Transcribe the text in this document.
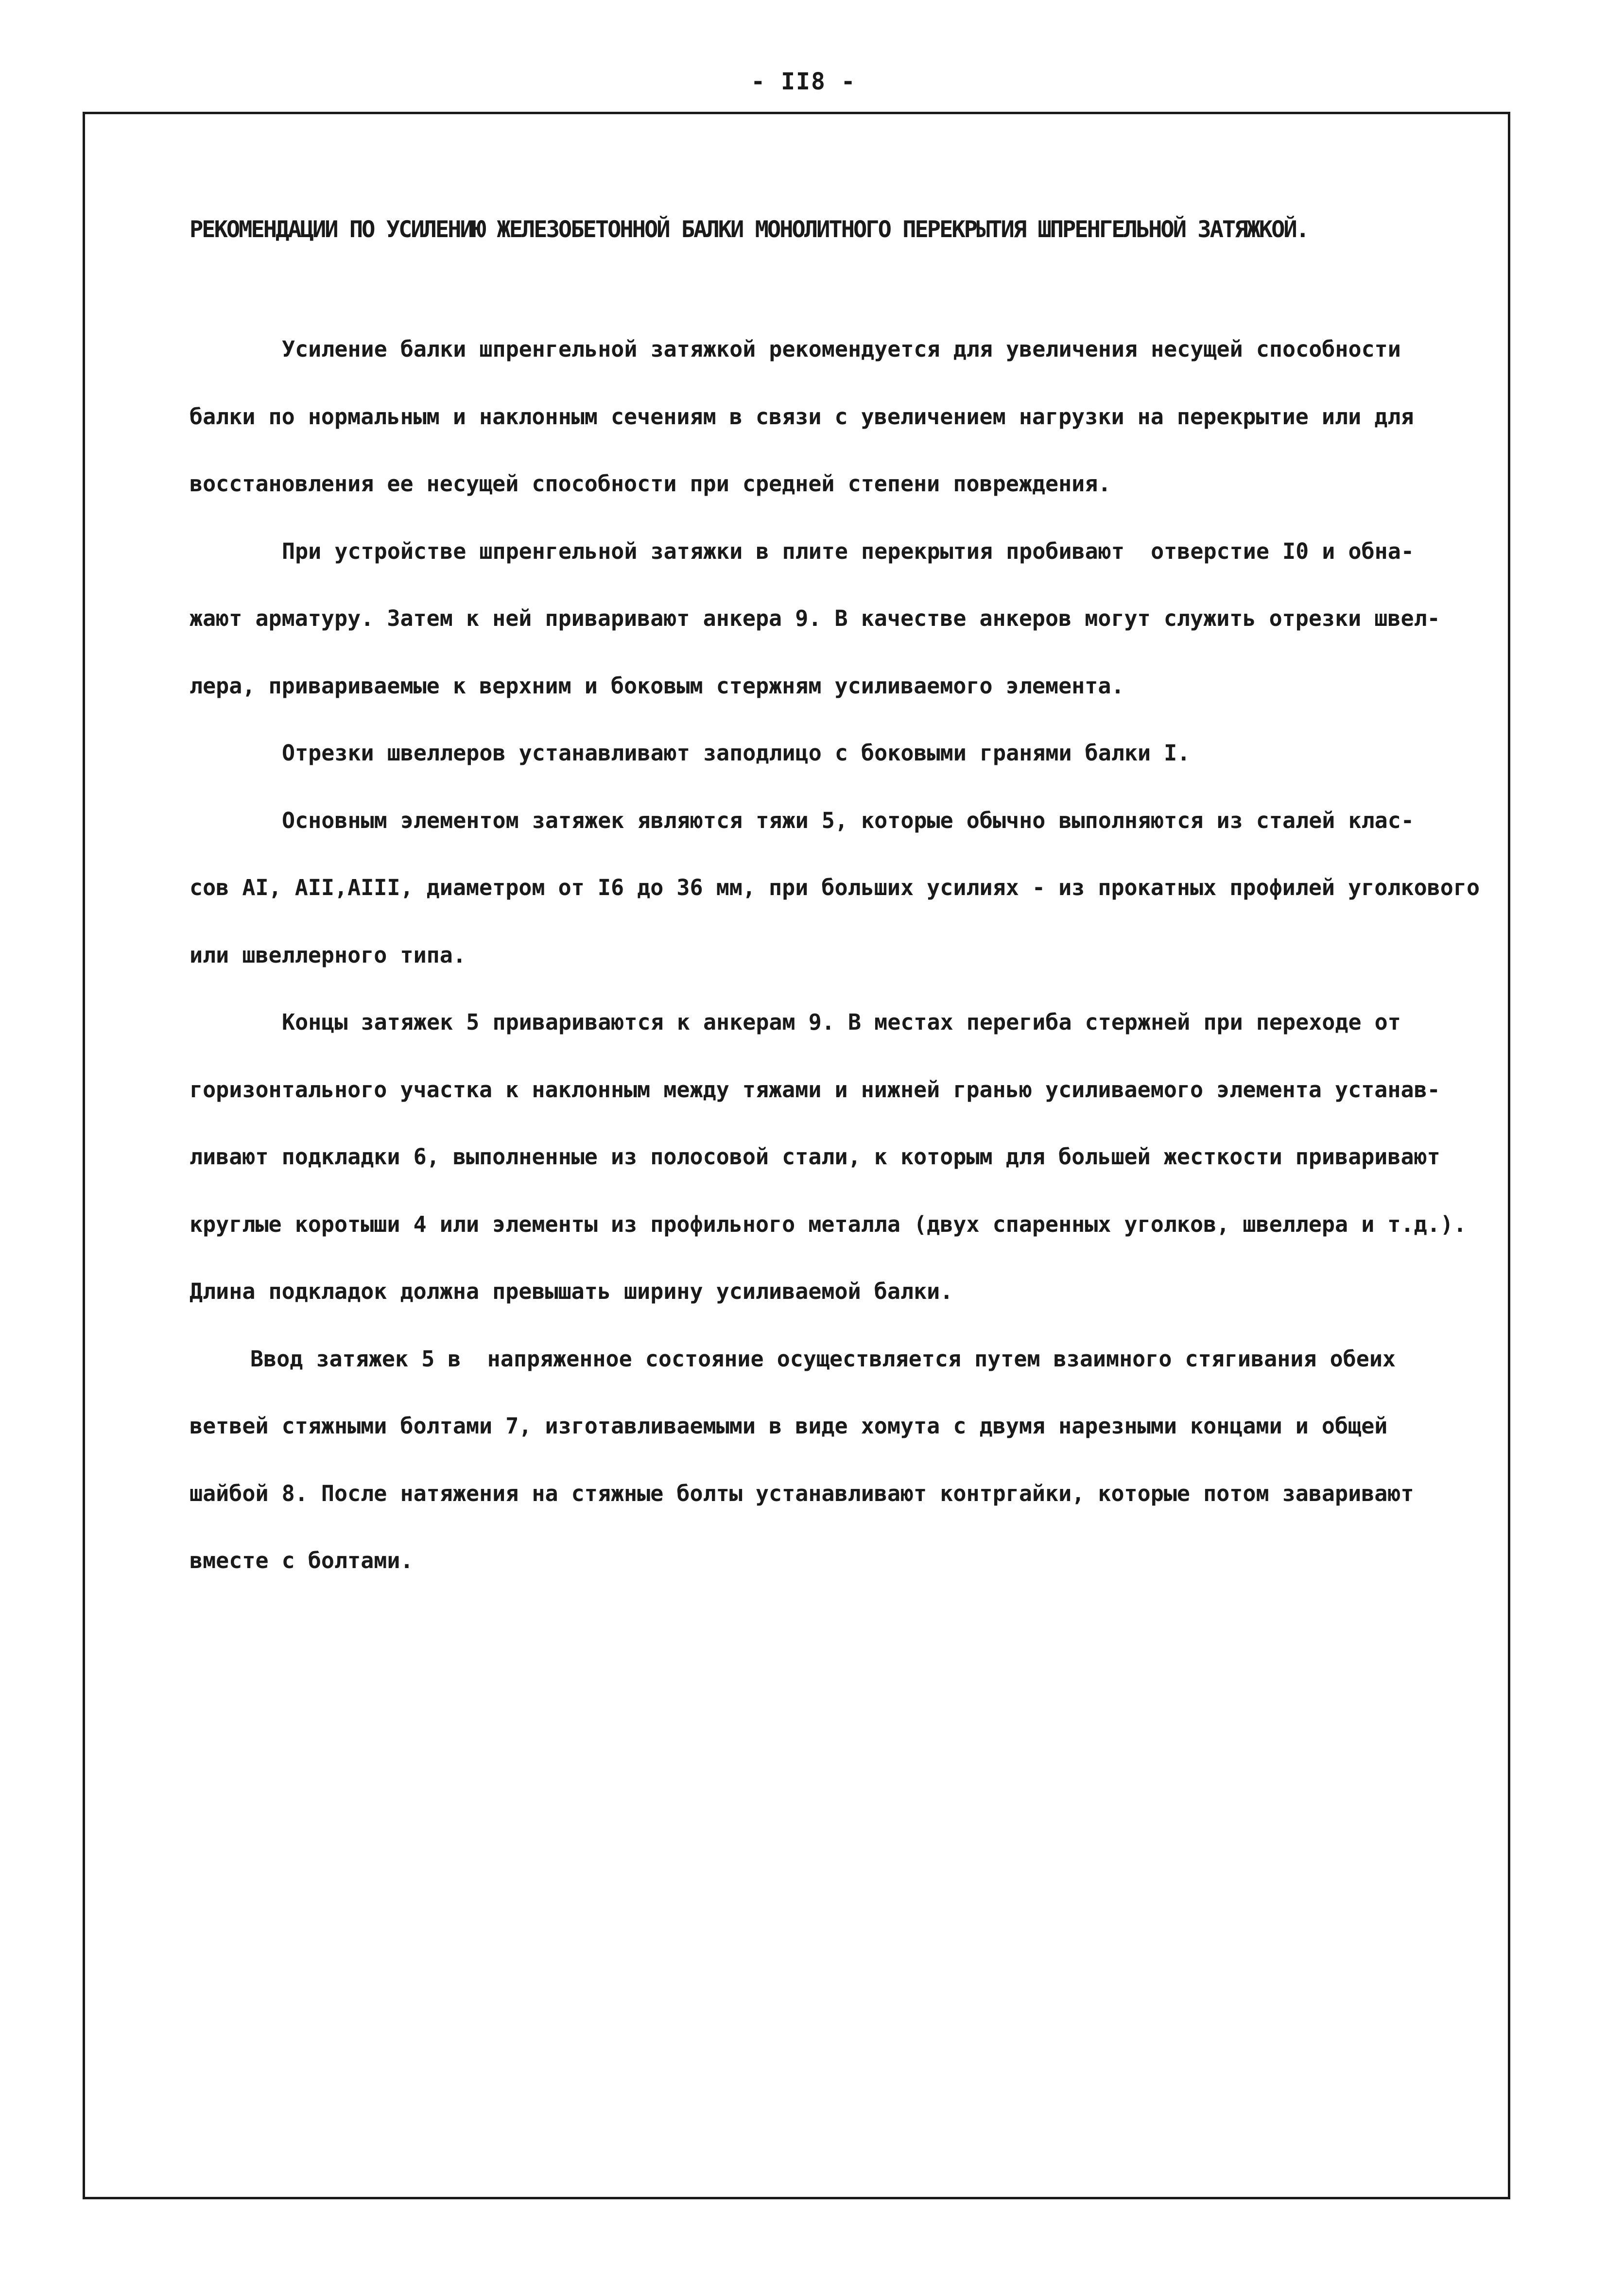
- II8 -
РЕКОМЕНДАЦИИ ПО УСИЛЕНИЮ ЖЕЛЕЗОБЕТОННОЙ БАЛКИ МОНОЛИТНОГО ПЕРЕКРЫТИЯ ШПРЕНГЕЛЬНОЙ ЗАТЯЖКОЙ.
Усиление балки шпренгельной затяжкой рекомендуется для увеличения несущей способности
балки по нормальным и наклонным сечениям в связи с увеличением нагрузки на перекрытие или для
восстановления ее несущей способности при средней степени повреждения.
При устройстве шпренгельной затяжки в плите перекрытия пробивают  отверстие I0 и обна-
жают арматуру. Затем к ней приваривают анкера 9. В качестве анкеров могут служить отрезки швел-
лера, привариваемые к верхним и боковым стержням усиливаемого элемента.
Отрезки швеллеров устанавливают заподлицо с боковыми гранями балки I.
Основным элементом затяжек являются тяжи 5, которые обычно выполняются из сталей клас-
сов АI, АII,АIII, диаметром от I6 до 36 мм, при больших усилиях - из прокатных профилей уголкового
или швеллерного типа.
Концы затяжек 5 привариваются к анкерам 9. В местах перегиба стержней при переходе от
горизонтального участка к наклонным между тяжами и нижней гранью усиливаемого элемента устанав-
ливают подкладки 6, выполненные из полосовой стали, к которым для большей жесткости приваривают
круглые коротыши 4 или элементы из профильного металла (двух спаренных уголков, швеллера и т.д.).
Длина подкладок должна превышать ширину усиливаемой балки.
Ввод затяжек 5 в  напряженное состояние осуществляется путем взаимного стягивания обеих
ветвей стяжными болтами 7, изготавливаемыми в виде хомута с двумя нарезными концами и общей
шайбой 8. После натяжения на стяжные болты устанавливают контргайки, которые потом заваривают
вместе с болтами.
